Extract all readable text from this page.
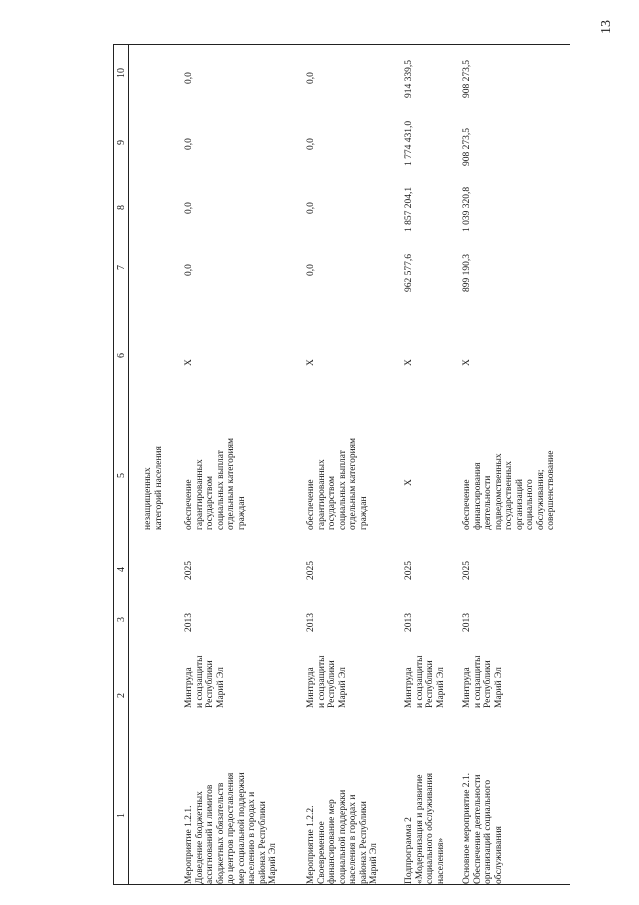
13
1
2
3
4
5
6
7
8
9
10
незащищенных
категорий населения
Мероприятие 1.2.1.
Доведение бюджетных
ассигнований и лимитов
бюджетных обязательств
до центров предоставления
мер социальной поддержки
населению в городах и
районах Республики
Марий Эл
Минтруда
и соцзащиты
Республики
Марий Эл
2013
2025
обеспечение
гарантированных
государством
социальных выплат
отдельным категориям
граждан
Х
0,0
0,0
0,0
0,0
Мероприятие 1.2.2.
Своевременное
финансирование мер
социальной поддержки
населения в городах и
районах Республики
Марий Эл
Минтруда
и соцзащиты
Республики
Марий Эл
2013
2025
обеспечение
гарантированных
государством
социальных выплат
отдельным категориям
граждан
Х
0,0
0,0
0,0
0,0
Подпрограмма 2
«Модернизация и развитие
социального обслуживания
населения»
Минтруда
и соцзащиты
Республики
Марий Эл
2013
2025
Х
Х
962 577,6
1 857 204,1
1 774 431,0
914 339,5
Основное мероприятие 2.1.
Обеспечение деятельности
организаций социального
обслуживания
Минтруда
и соцзащиты
Республики
Марий Эл
2013
2025
обеспечение
финансирования
деятельности
подведомственных
государственных
организаций
социального
обслуживания;
совершенствование
Х
899 190,3
1 039 320,8
908 273,5
908 273,5
